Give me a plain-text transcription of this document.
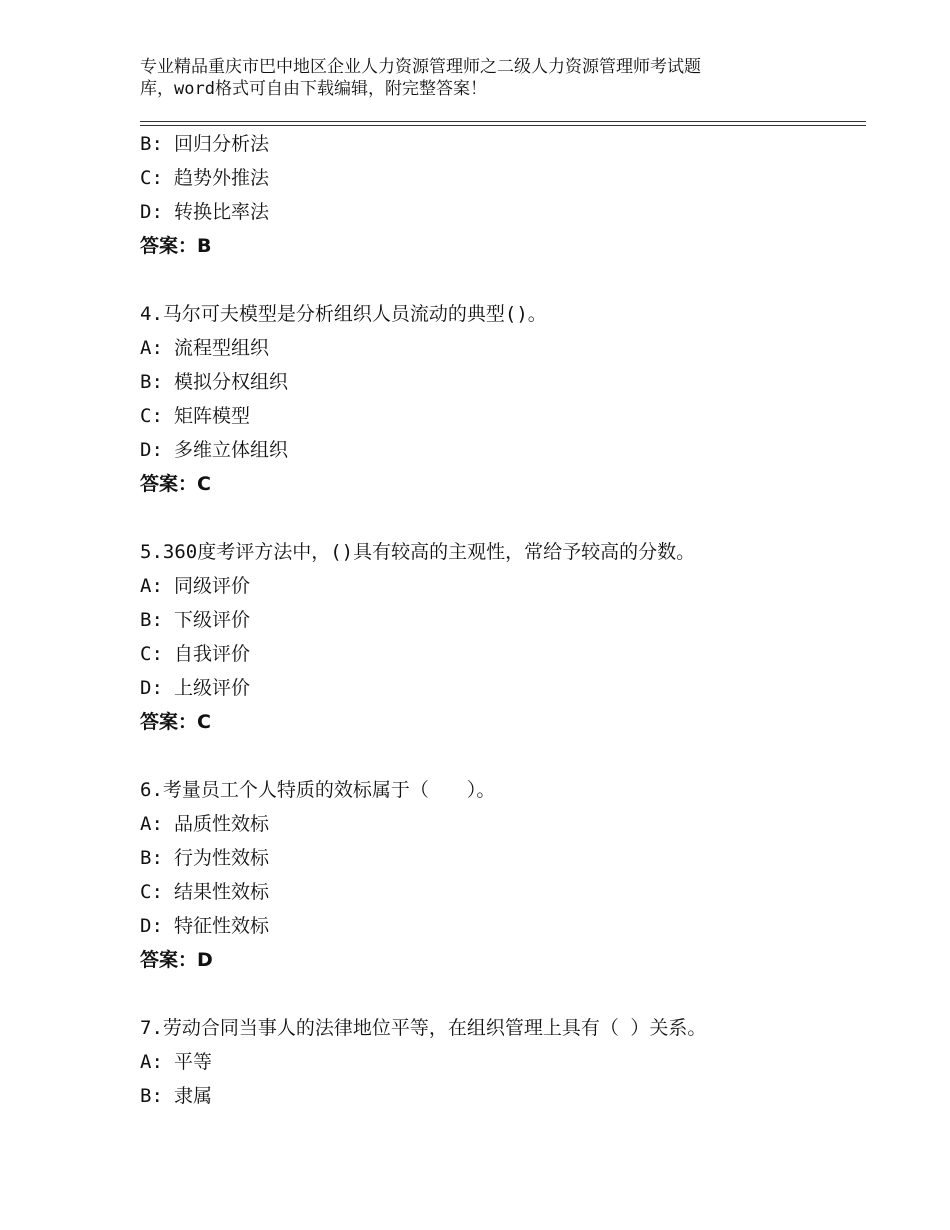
专业精品重庆市巴中地区企业人力资源管理师之二级人力资源管理师考试题
库，word格式可自由下载编辑，附完整答案！
B: 回归分析法
C: 趋势外推法
D: 转换比率法
答案：B
4.马尔可夫模型是分析组织人员流动的典型()。
A: 流程型组织
B: 模拟分权组织
C: 矩阵模型
D: 多维立体组织
答案：C
5.360度考评方法中，()具有较高的主观性，常给予较高的分数。
A: 同级评价
B: 下级评价
C: 自我评价
D: 上级评价
答案：C
6.考量员工个人特质的效标属于（　　）。
A: 品质性效标
B: 行为性效标
C: 结果性效标
D: 特征性效标
答案：D
7.劳动合同当事人的法律地位平等，在组织管理上具有（ ）关系。
A: 平等
B: 隶属
